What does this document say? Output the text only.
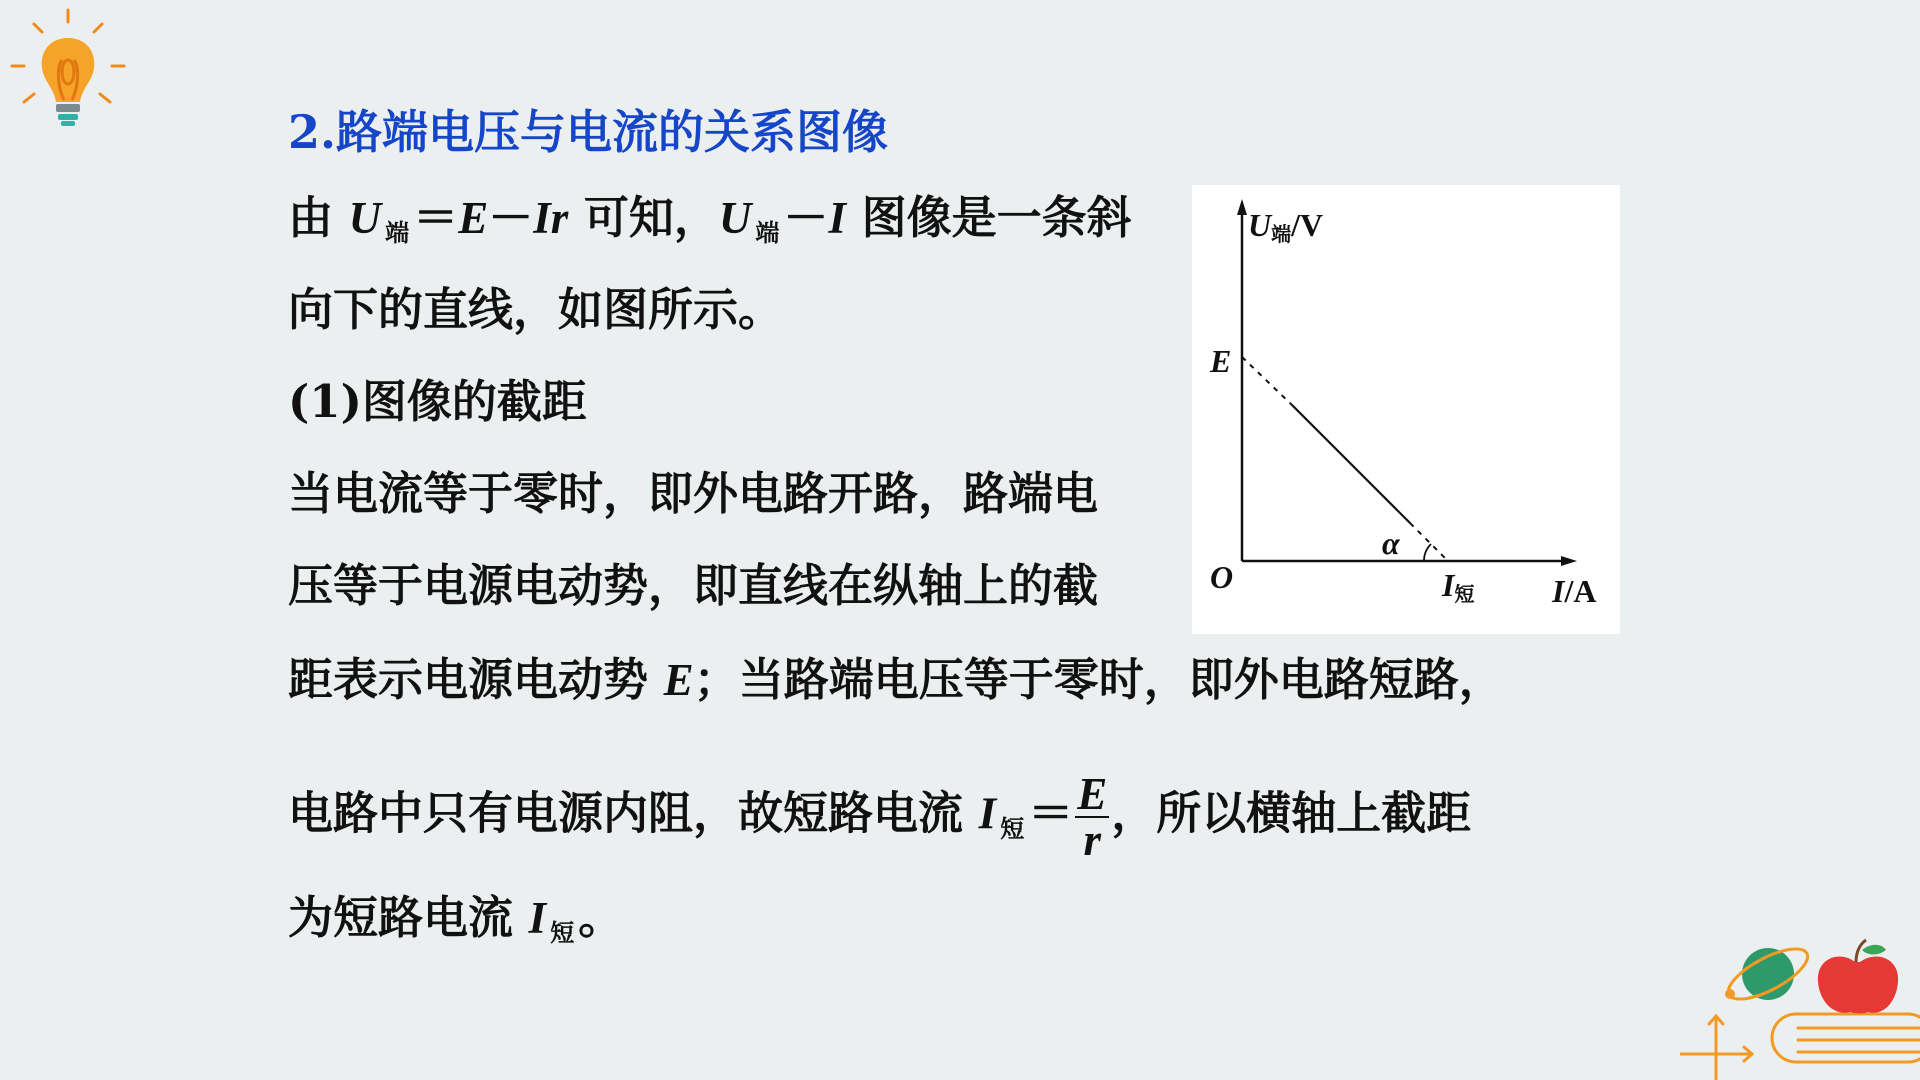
2.路端电压与电流的关系图像
由 U $_端$＝E－Ir 可知，U $_端$－I 图像是一条斜
向下的直线，如图所示。
(1)图像的截距
当电流等于零时，即外电路开路，路端电
压等于电源电动势，即直线在纵轴上的截
距表示电源电动势 E；当路端电压等于零时，即外电路短路，
电路中只有电源内阻，故短路电流 I $_短= \frac{E}{r}$ ，所以横轴上截距
为短路电流 I $_短$。
U端/V
E
O
α
I短 I/A
